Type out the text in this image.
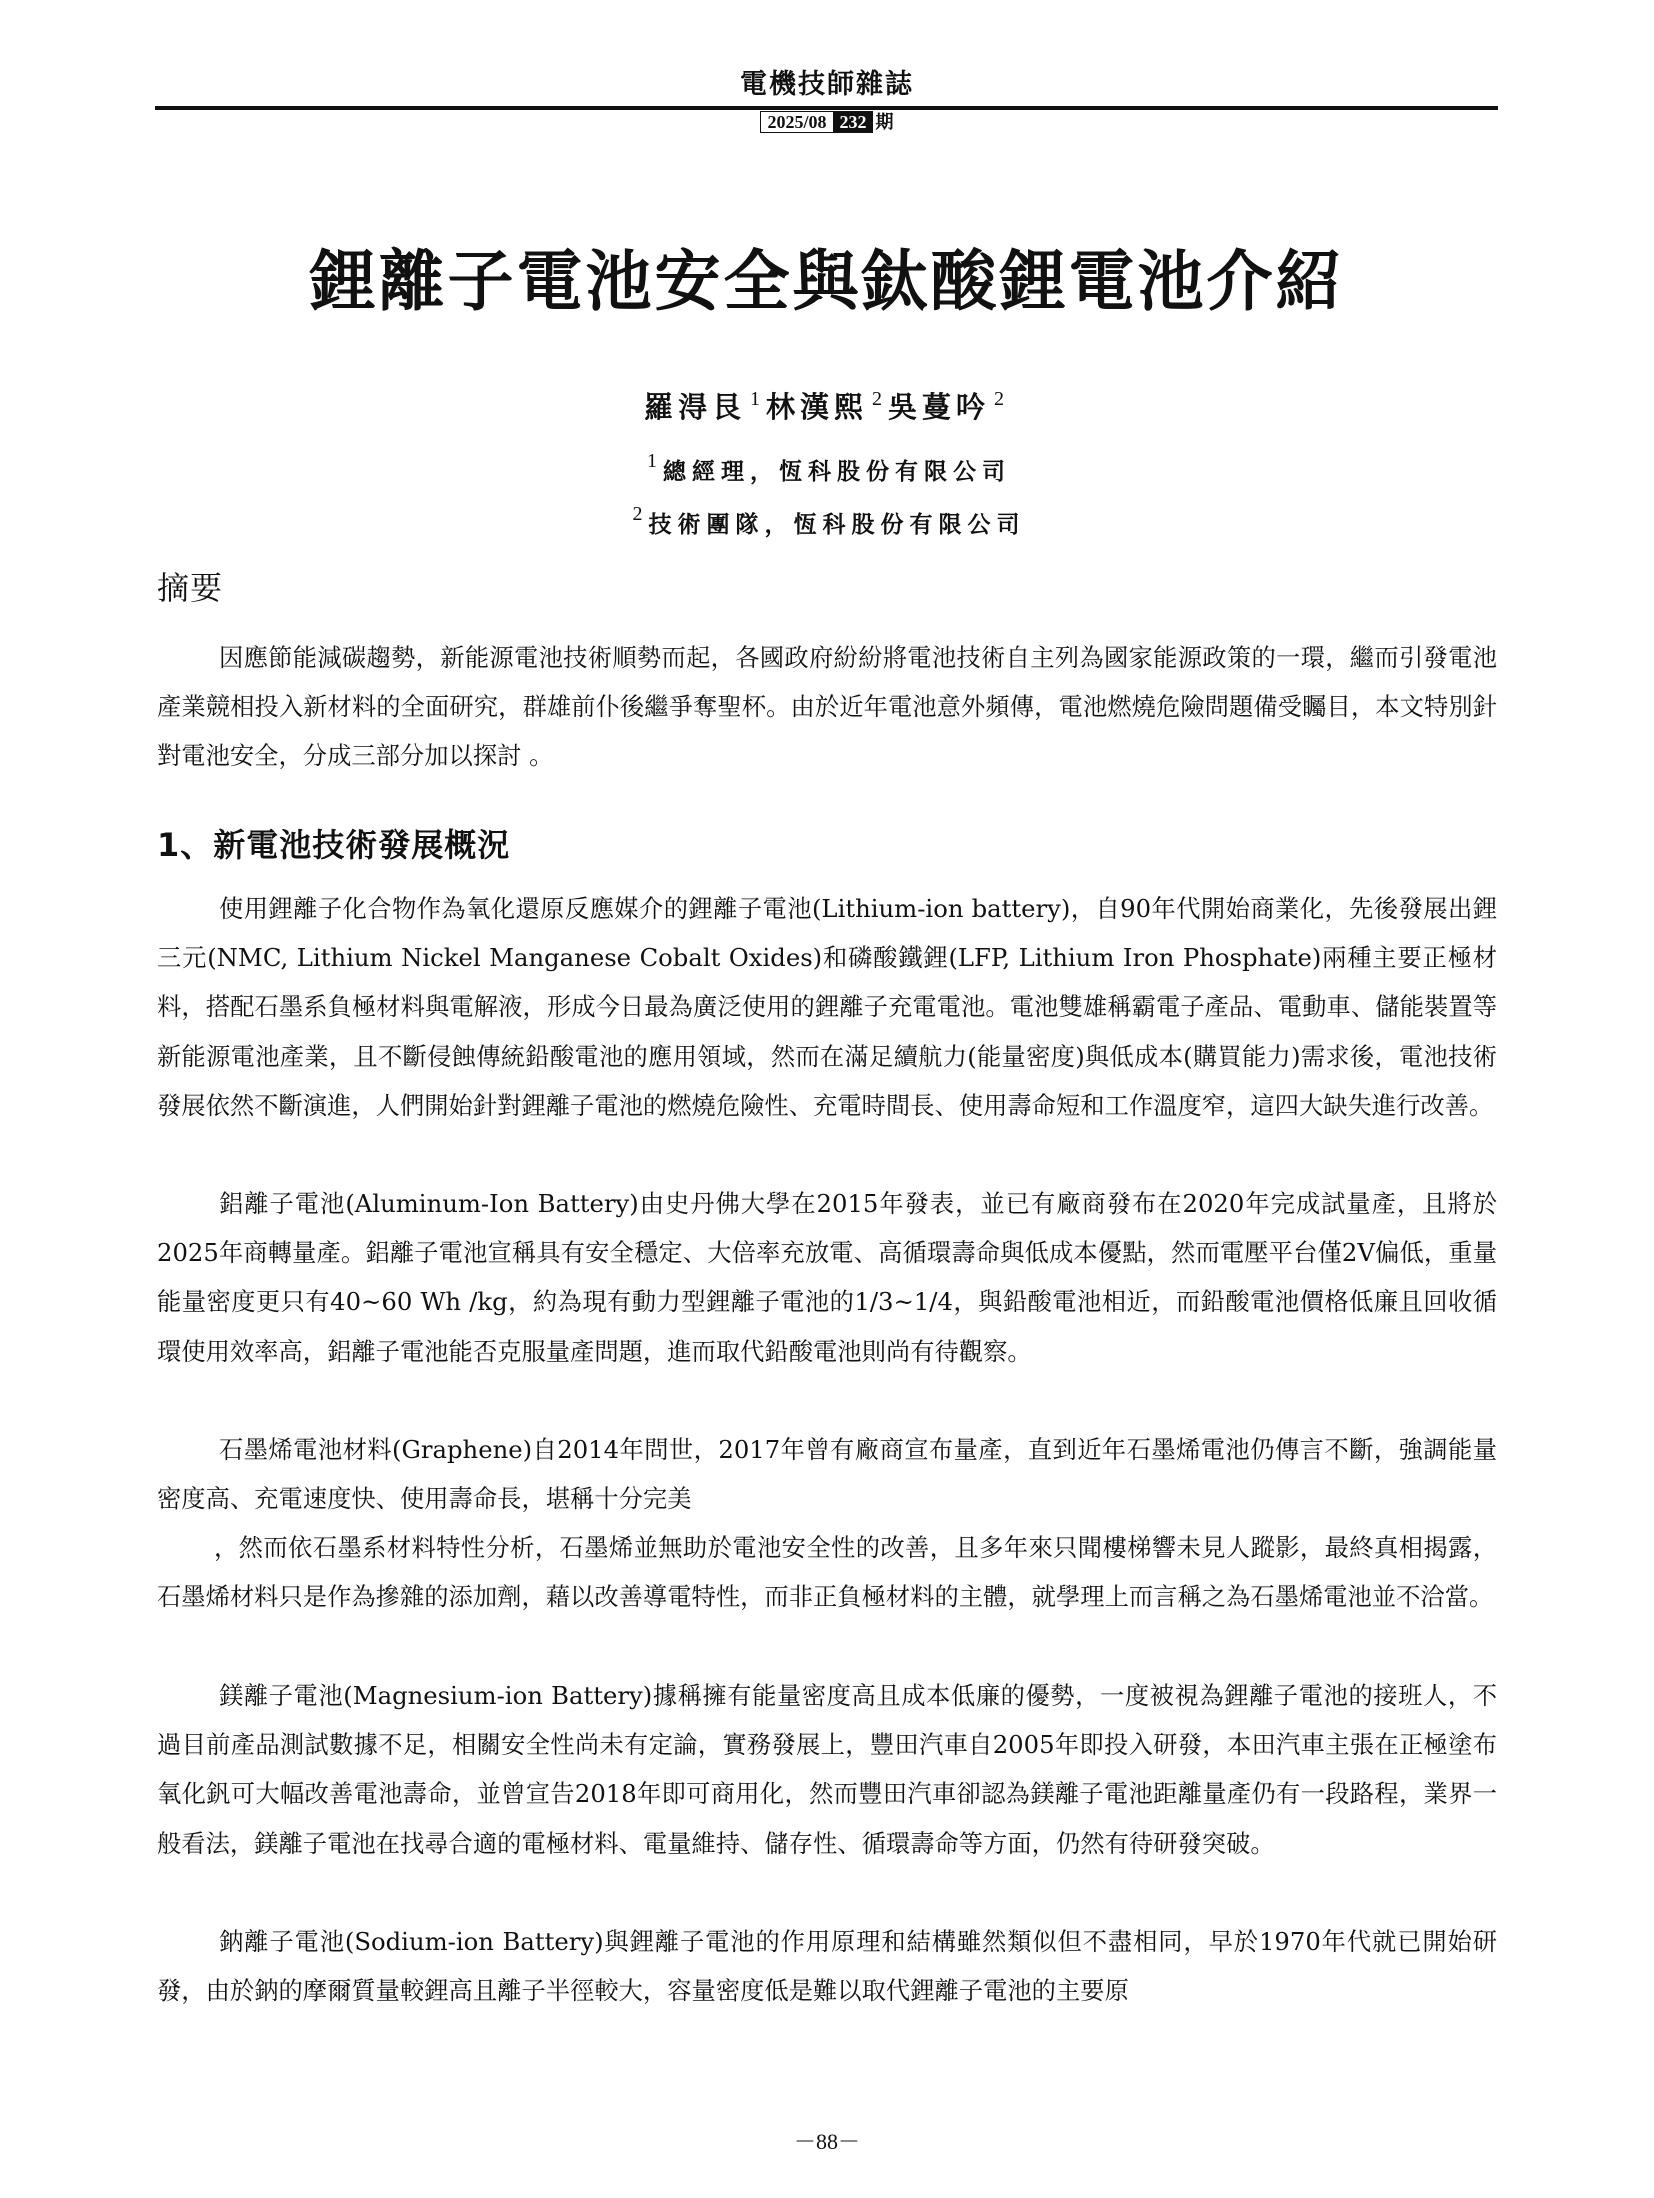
電機技師雜誌
2025/08 232 期
鋰離子電池安全與鈦酸鋰電池介紹
羅淂艮 $^1$ 林漢熙 $^2$ 吳蔓吟 $^2$
$^1$ 總經理，恆科股份有限公司
$^2$ 技術團隊，恆科股份有限公司
摘要

因應節能減碳趨勢，新能源電池技術順勢而起，各國政府紛紛將電池技術自主列為國家能源政策的一環，繼而引發電池產業競相投入新材料的全面研究，群雄前仆後繼爭奪聖杯。由於近年電池意外頻傳，電池燃燒危險問題備受矚目，本文特別針對電池安全，分成三部分加以探討 。

1、新電池技術發展概況

使用鋰離子化合物作為氧化還原反應媒介的鋰離子電池(Lithium-ion battery)，自90年代開始商業化，先後發展出鋰三元(NMC, Lithium Nickel Manganese Cobalt Oxides)和磷酸鐵鋰(LFP, Lithium Iron Phosphate)兩種主要正極材料，搭配石墨系負極材料與電解液，形成今日最為廣泛使用的鋰離子充電電池。電池雙雄稱霸電子產品、電動車、儲能裝置等新能源電池產業，且不斷侵蝕傳統鉛酸電池的應用領域，然而在滿足續航力(能量密度)與低成本(購買能力)需求後，電池技術發展依然不斷演進，人們開始針對鋰離子電池的燃燒危險性、充電時間長、使用壽命短和工作溫度窄，這四大缺失進行改善。

鋁離子電池(Aluminum-Ion Battery)由史丹佛大學在2015年發表，並已有廠商發布在2020年完成試量產，且將於2025年商轉量產。鋁離子電池宣稱具有安全穩定、大倍率充放電、高循環壽命與低成本優點，然而電壓平台僅2V偏低，重量能量密度更只有40~60 Wh /kg，約為現有動力型鋰離子電池的1/3~1/4，與鉛酸電池相近，而鉛酸電池價格低廉且回收循環使用效率高，鋁離子電池能否克服量產問題，進而取代鉛酸電池則尚有待觀察。

石墨烯電池材料(Graphene)自2014年問世，2017年曾有廠商宣布量產，直到近年石墨烯電池仍傳言不斷，強調能量密度高、充電速度快、使用壽命長，堪稱十分完美

，然而依石墨系材料特性分析，石墨烯並無助於電池安全性的改善，且多年來只聞樓梯響未見人蹤影，最終真相揭露，石墨烯材料只是作為摻雜的添加劑，藉以改善導電特性，而非正負極材料的主體，就學理上而言稱之為石墨烯電池並不洽當。

鎂離子電池(Magnesium-ion Battery)據稱擁有能量密度高且成本低廉的優勢，一度被視為鋰離子電池的接班人，不過目前產品測試數據不足，相關安全性尚未有定論，實務發展上，豐田汽車自2005年即投入研發，本田汽車主張在正極塗布氧化釩可大幅改善電池壽命，並曾宣告2018年即可商用化，然而豐田汽車卻認為鎂離子電池距離量產仍有一段路程，業界一般看法，鎂離子電池在找尋合適的電極材料、電量維持、儲存性、循環壽命等方面，仍然有待研發突破。

鈉離子電池(Sodium-ion Battery)與鋰離子電池的作用原理和結構雖然類似但不盡相同，早於1970年代就已開始研發，由於鈉的摩爾質量較鋰高且離子半徑較大，容量密度低是難以取代鋰離子電池的主要原

－88－
